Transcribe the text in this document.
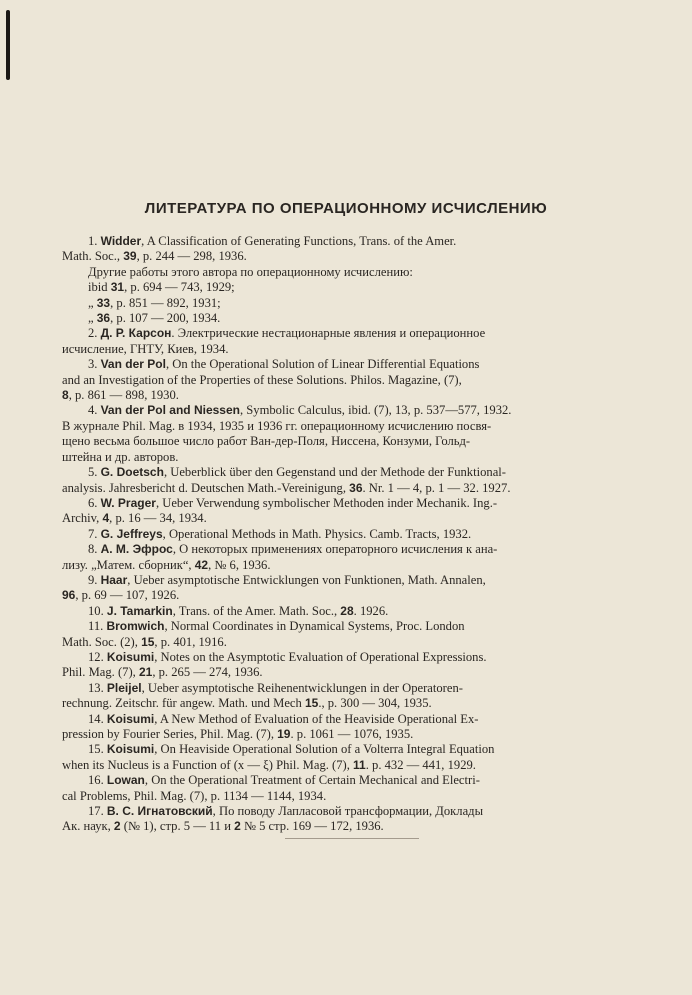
ЛИТЕРАТУРА ПО ОПЕРАЦИОННОМУ ИСЧИСЛЕНИЮ
1. Widder, A Classification of Generating Functions, Trans. of the Amer.
Math. Soc., 39, p. 244 — 298, 1936.
Другие работы этого автора по операционному исчислению:
ibid 31, p. 694 — 743, 1929;
„ 33, p. 851 — 892, 1931;
„ 36, p. 107 — 200, 1934.
2. Д. Р. Карсон. Электрические нестационарные явления и операционное
исчисление, ГНТУ, Киев, 1934.
3. Van der Pol, On the Operational Solution of Linear Differential Equations
and an Investigation of the Properties of these Solutions. Philos. Magazine, (7),
8, p. 861 — 898, 1930.
4. Van der Pol and Niessen, Symbolic Calculus, ibid. (7), 13, p. 537—577, 1932.
В журнале Phil. Mag. в 1934, 1935 и 1936 гг. операционному исчислению посвя-
щено весьма большое число работ Ван-дер-Поля, Ниссена, Конзуми, Гольд-
штейна и др. авторов.
5. G. Doetsch, Ueberblick über den Gegenstand und der Methode der Funktional-
analysis. Jahresbericht d. Deutschen Math.-Vereinigung, 36. Nr. 1 — 4, p. 1 — 32. 1927.
6. W. Prager, Ueber Verwendung symbolischer Methoden inder Mechanik. Ing.-
Archiv, 4, p. 16 — 34, 1934.
7. G. Jeffreys, Operational Methods in Math. Physics. Camb. Tracts, 1932.
8. А. М. Эфрос, О некоторых применениях операторного исчисления к ана-
лизу. „Матем. сборник“, 42, № 6, 1936.
9. Haar, Ueber asymptotische Entwicklungen von Funktionen, Math. Annalen,
96, p. 69 — 107, 1926.
10. J. Tamarkin, Trans. of the Amer. Math. Soc., 28. 1926.
11. Bromwich, Normal Coordinates in Dynamical Systems, Proc. London
Math. Soc. (2), 15, p. 401, 1916.
12. Koisumi, Notes on the Asymptotic Evaluation of Operational Expressions.
Phil. Mag. (7), 21, p. 265 — 274, 1936.
13. Pleijel, Ueber asymptotische Reihenentwicklungen in der Operatoren-
rechnung. Zeitschr. für angew. Math. und Mech 15., p. 300 — 304, 1935.
14. Koisumi, A New Method of Evaluation of the Heaviside Operational Ex-
pression by Fourier Series, Phil. Mag. (7), 19. p. 1061 — 1076, 1935.
15. Koisumi, On Heaviside Operational Solution of a Volterra Integral Equation
when its Nucleus is a Function of (x — ξ) Phil. Mag. (7), 11. p. 432 — 441, 1929.
16. Lowan, On the Operational Treatment of Certain Mechanical and Electri-
cal Problems, Phil. Mag. (7), p. 1134 — 1144, 1934.
17. В. С. Игнатовский, По поводу Лапласовой трансформации, Доклады
Ак. наук, 2 (№ 1), стр. 5 — 11 и 2 № 5 стр. 169 — 172, 1936.
